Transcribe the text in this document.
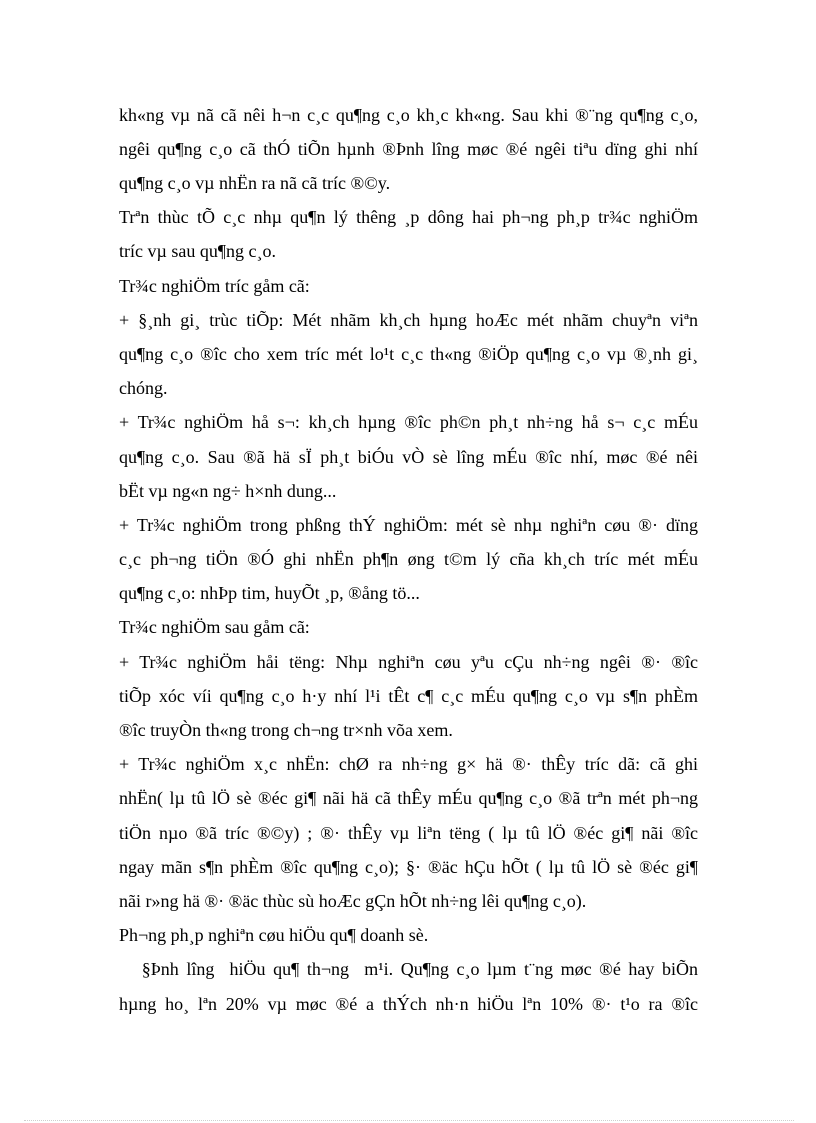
kh«ng vµ nã cã nêi h¬n c¸c qu¶ng c¸o kh¸c kh«ng. Sau khi ®¨ng qu¶ng c¸o,
ngêi qu¶ng c¸o cã thÓ tiÕn hµnh ®Þnh lîng møc ®é ngêi tiªu dïng ghi nhí
qu¶ng c¸o vµ nhËn ra nã cã tríc ®©y.
Trªn thùc tÕ c¸c nhµ qu¶n lý thêng ¸p dông hai ph¬ng ph¸p tr¾c nghiÖm
tríc vµ sau qu¶ng c¸o.
Tr¾c nghiÖm tríc gåm cã:
+ §¸nh gi¸ trùc tiÕp: Mét nhãm kh¸ch hµng hoÆc mét nhãm chuyªn viªn
qu¶ng c¸o ®îc cho xem tríc mét lo¹t c¸c th«ng ®iÖp qu¶ng c¸o vµ ®¸nh gi¸
chóng.
+ Tr¾c nghiÖm hå s¬: kh¸ch hµng ®îc ph©n ph¸t nh÷ng hå s¬ c¸c mÉu
qu¶ng c¸o. Sau ®ã hä sÏ ph¸t biÓu vÒ sè lîng mÉu ®îc nhí, møc ®é nêi
bËt vµ ng«n ng÷ h×nh dung...
+ Tr¾c nghiÖm trong phßng thÝ nghiÖm: mét sè nhµ nghiªn cøu ®· dïng
c¸c ph¬ng tiÖn ®Ó ghi nhËn ph¶n øng t©m lý cña kh¸ch tríc mét mÉu
qu¶ng c¸o: nhÞp tim, huyÕt ¸p, ®ång tö...
Tr¾c nghiÖm sau gåm cã:
+ Tr¾c nghiÖm håi tëng: Nhµ nghiªn cøu yªu cÇu nh÷ng ngêi ®· ®îc
tiÕp xóc víi qu¶ng c¸o h·y nhí l¹i tÊt c¶ c¸c mÉu qu¶ng c¸o vµ s¶n phÈm
®îc truyÒn th«ng trong ch¬ng tr×nh võa xem.
+ Tr¾c nghiÖm x¸c nhËn: chØ ra nh÷ng g× hä ®· thÊy tríc dã: cã ghi
nhËn( lµ tû lÖ sè ®éc gi¶ nãi hä cã thÊy mÉu qu¶ng c¸o ®ã trªn mét ph¬ng
tiÖn nµo ®ã tríc ®©y) ; ®· thÊy vµ liªn tëng ( lµ tû lÖ ®éc gi¶ nãi ®îc
ngay mãn s¶n phÈm ®îc qu¶ng c¸o); §· ®äc hÇu hÕt ( lµ tû lÖ sè ®éc gi¶
nãi r»ng hä ®· ®äc thùc sù hoÆc gÇn hÕt nh÷ng lêi qu¶ng c¸o).
Ph¬ng ph¸p nghiªn cøu hiÖu qu¶ doanh sè.
§Þnh lîng  hiÖu qu¶ th¬ng  m¹i. Qu¶ng c¸o lµm t¨ng møc ®é hay biÕn
hµng ho¸ lªn 20% vµ møc ®é a thÝch nh·n hiÖu lªn 10% ®· t¹o ra ®îc
